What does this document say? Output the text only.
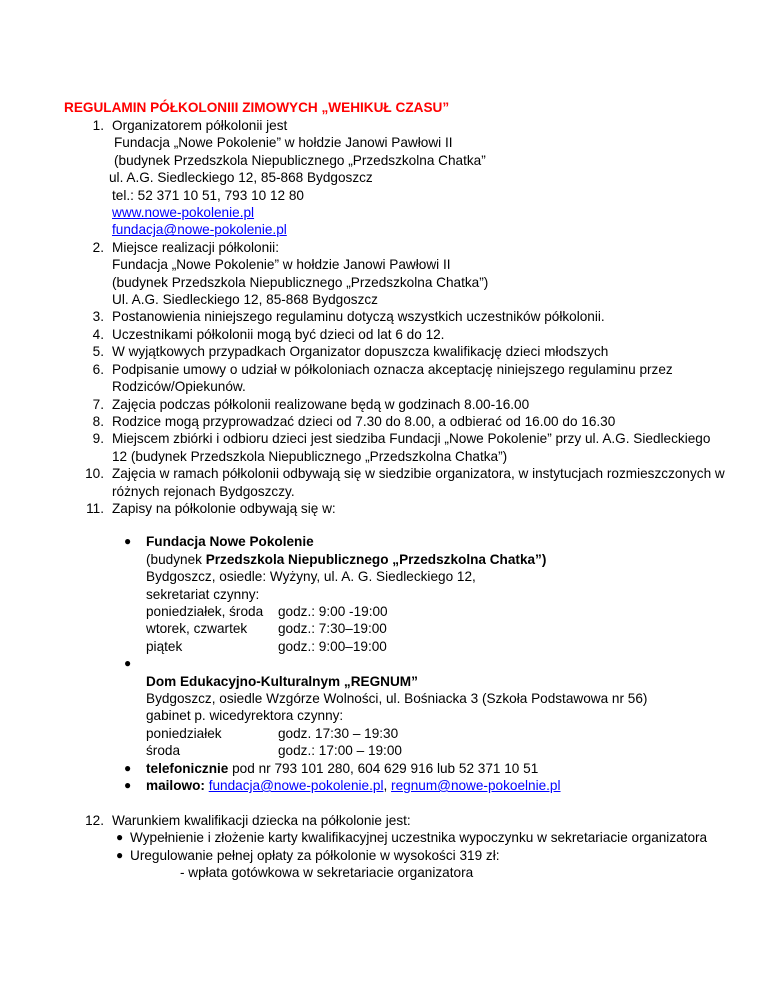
REGULAMIN PÓŁKOLONIII ZIMOWYCH „WEHIKUŁ CZASU”
1. Organizatorem półkolonii jest
Fundacja „Nowe Pokolenie” w hołdzie Janowi Pawłowi II
(budynek Przedszkola Niepublicznego „Przedszkolna Chatka”
ul. A.G. Siedleckiego 12, 85-868 Bydgoszcz
tel.: 52 371 10 51, 793 10 12 80
www.nowe-pokolenie.pl
fundacja@nowe-pokolenie.pl
2. Miejsce realizacji półkolonii:
Fundacja „Nowe Pokolenie” w hołdzie Janowi Pawłowi II
(budynek Przedszkola Niepublicznego „Przedszkolna Chatka”)
Ul. A.G. Siedleckiego 12, 85-868 Bydgoszcz
3. Postanowienia niniejszego regulaminu dotyczą wszystkich uczestników półkolonii.
4. Uczestnikami półkolonii mogą być dzieci od lat 6 do 12.
5. W wyjątkowych przypadkach Organizator dopuszcza kwalifikację dzieci młodszych
6. Podpisanie umowy o udział w półkoloniach oznacza akceptację niniejszego regulaminu przez Rodziców/Opiekunów.
7. Zajęcia podczas półkolonii realizowane będą w godzinach 8.00-16.00
8. Rodzice mogą przyprowadzać dzieci od 7.30 do 8.00, a odbierać od 16.00 do 16.30
9. Miejscem zbiórki i odbioru dzieci jest siedziba Fundacji „Nowe Pokolenie” przy ul. A.G. Siedleckiego 12 (budynek Przedszkola Niepublicznego „Przedszkolna Chatka”)
10. Zajęcia w ramach półkolonii odbywają się w siedzibie organizatora, w instytucjach rozmieszczonych w różnych rejonach Bydgoszczy.
11. Zapisy na półkolonie odbywają się w:
● Fundacja Nowe Pokolenie
(budynek Przedszkola Niepublicznego „Przedszkolna Chatka”)
Bydgoszcz, osiedle: Wyżyny, ul. A. G. Siedleckiego 12,
sekretariat czynny:
poniedziałek, środa godz.: 9:00 -19:00
wtorek, czwartek godz.: 7:30–19:00
piątek	godz.: 9:00–19:00
●
Dom Edukacyjno-Kulturalnym „REGNUM”
Bydgoszcz, osiedle Wzgórze Wolności, ul. Bośniacka 3 (Szkoła Podstawowa nr 56)
gabinet p. wicedyrektora czynny:
poniedziałek	godz. 17:30 – 19:30
środa	godz.: 17:00 – 19:00
● telefonicznie pod nr 793 101 280, 604 629 916 lub 52 371 10 51
● mailowo: fundacja@nowe-pokolenie.pl, regnum@nowe-pokoelnie.pl
12. Warunkiem kwalifikacji dziecka na półkolonie jest:
● Wypełnienie i złożenie karty kwalifikacyjnej uczestnika wypoczynku w sekretariacie organizatora
● Uregulowanie pełnej opłaty za półkolonie w wysokości 319 zł:
- wpłata gotówkowa w sekretariacie organizatora
